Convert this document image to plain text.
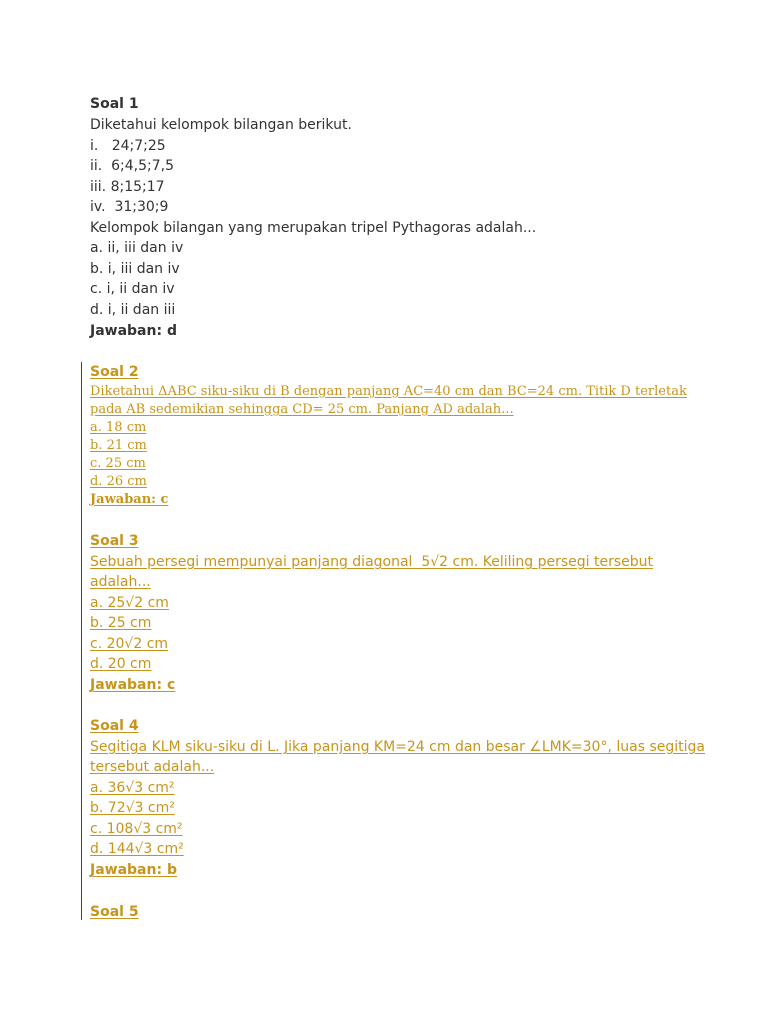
Soal 1
Diketahui kelompok bilangan berikut.
i.   24;7;25
ii.  6;4,5;7,5
iii. 8;15;17
iv.  31;30;9
Kelompok bilangan yang merupakan tripel Pythagoras adalah...
a. ii, iii dan iv
b. i, iii dan iv
c. i, ii dan iv
d. i, ii dan iii
Jawaban: d
Soal 2
Diketahui ΔABC siku-siku di B dengan panjang AC=40 cm dan BC=24 cm. Titik D terletak
pada AB sedemikian sehingga CD= 25 cm. Panjang AD adalah...
a. 18 cm
b. 21 cm
c. 25 cm
d. 26 cm
Jawaban: c
Soal 3
Sebuah persegi mempunyai panjang diagonal  5√2 cm. Keliling persegi tersebut
adalah...
a. 25√2 cm
b. 25 cm
c. 20√2 cm
d. 20 cm
Jawaban: c
Soal 4
Segitiga KLM siku-siku di L. Jika panjang KM=24 cm dan besar ∠LMK=30°, luas segitiga
tersebut adalah...
a. 36√3 cm²
b. 72√3 cm²
c. 108√3 cm²
d. 144√3 cm²
Jawaban: b
Soal 5
